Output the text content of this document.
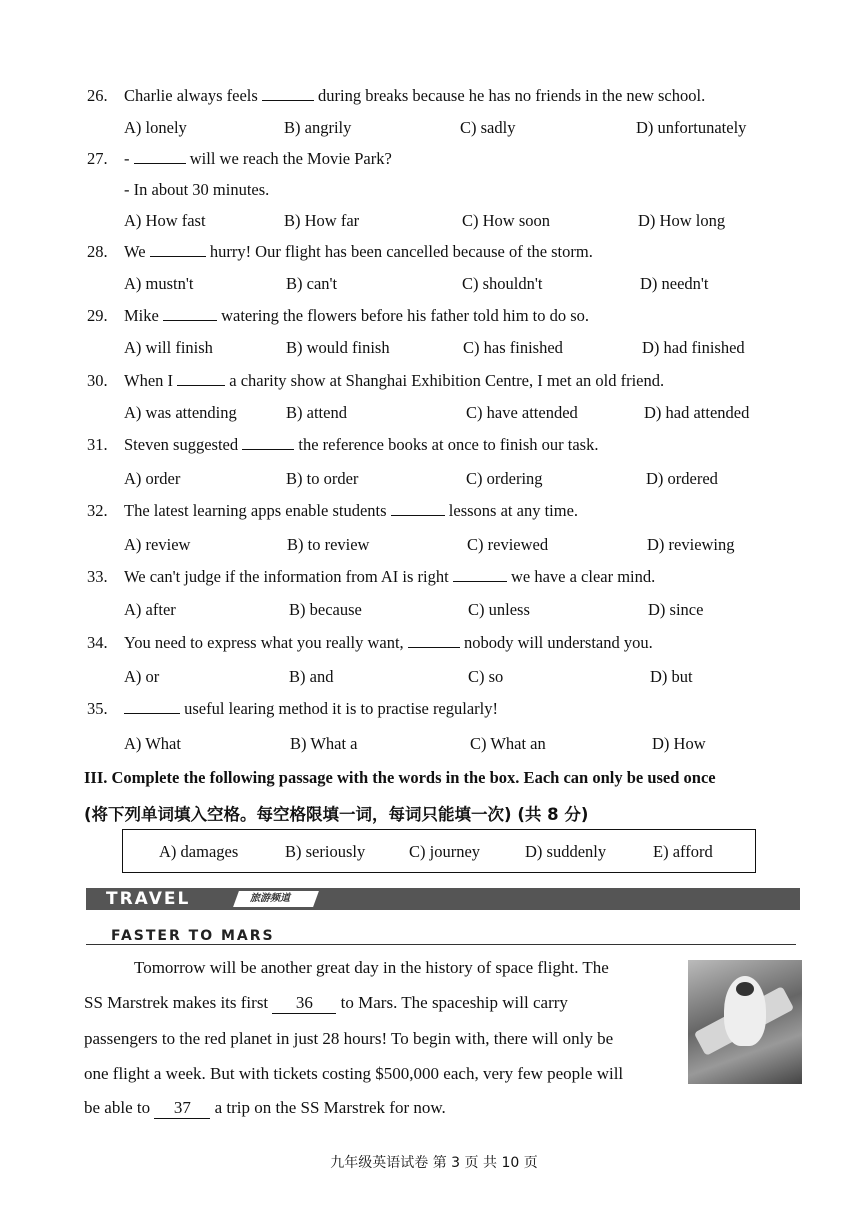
26. Charlie always feels	during breaks because he has no friends in the new school.
A) lonely	B) angrily	C) sadly	D) unfortunately
27. -	will we reach the Movie Park?
- In about 30 minutes.
A) How fast	B) How far	C) How soon	D) How long
28. We	hurry! Our flight has been cancelled because of the storm.
A) mustn't	B) can't	C) shouldn't	D) needn't
29. Mike	watering the flowers before his father told him to do so.
A) will finish	B) would finish	C) has finished	D) had finished
30. When I	a charity show at Shanghai Exhibition Centre, I met an old friend.
A) was attending	B) attend	C) have attended	D) had attended
31. Steven suggested	the reference books at once to finish our task.
A) order	B) to order	C) ordering	D) ordered
32. The latest learning apps enable students	lessons at any time.
A) review	B) to review	C) reviewed	D) reviewing
33. We can't judge if the information from AI is right	we have a clear mind.
A) after	B) because	C) unless	D) since
34. You need to express what you really want,	nobody will understand you.
A) or	B) and	C) so	D) but
35.	useful learing method it is to practise regularly!
A) What	B) What a	C) What an	D) How
III. Complete the following passage with the words in the box. Each can only be used once
(将下列单词填入空格。每空格限填一词，每词只能填一次) (共 8 分)
A) damages	B) seriously	C) journey	D) suddenly	E) afford
TRAVEL	旅游频道
FASTER TO MARS
Tomorrow will be another great day in the history of space flight. The
SS Marstrek makes its first 36 to Mars. The spaceship will carry
passengers to the red planet in just 28 hours! To begin with, there will only be
one flight a week. But with tickets costing $500,000 each, very few people will
be able to 37 a trip on the SS Marstrek for now.
九年级英语试卷 第 3 页 共 10 页
